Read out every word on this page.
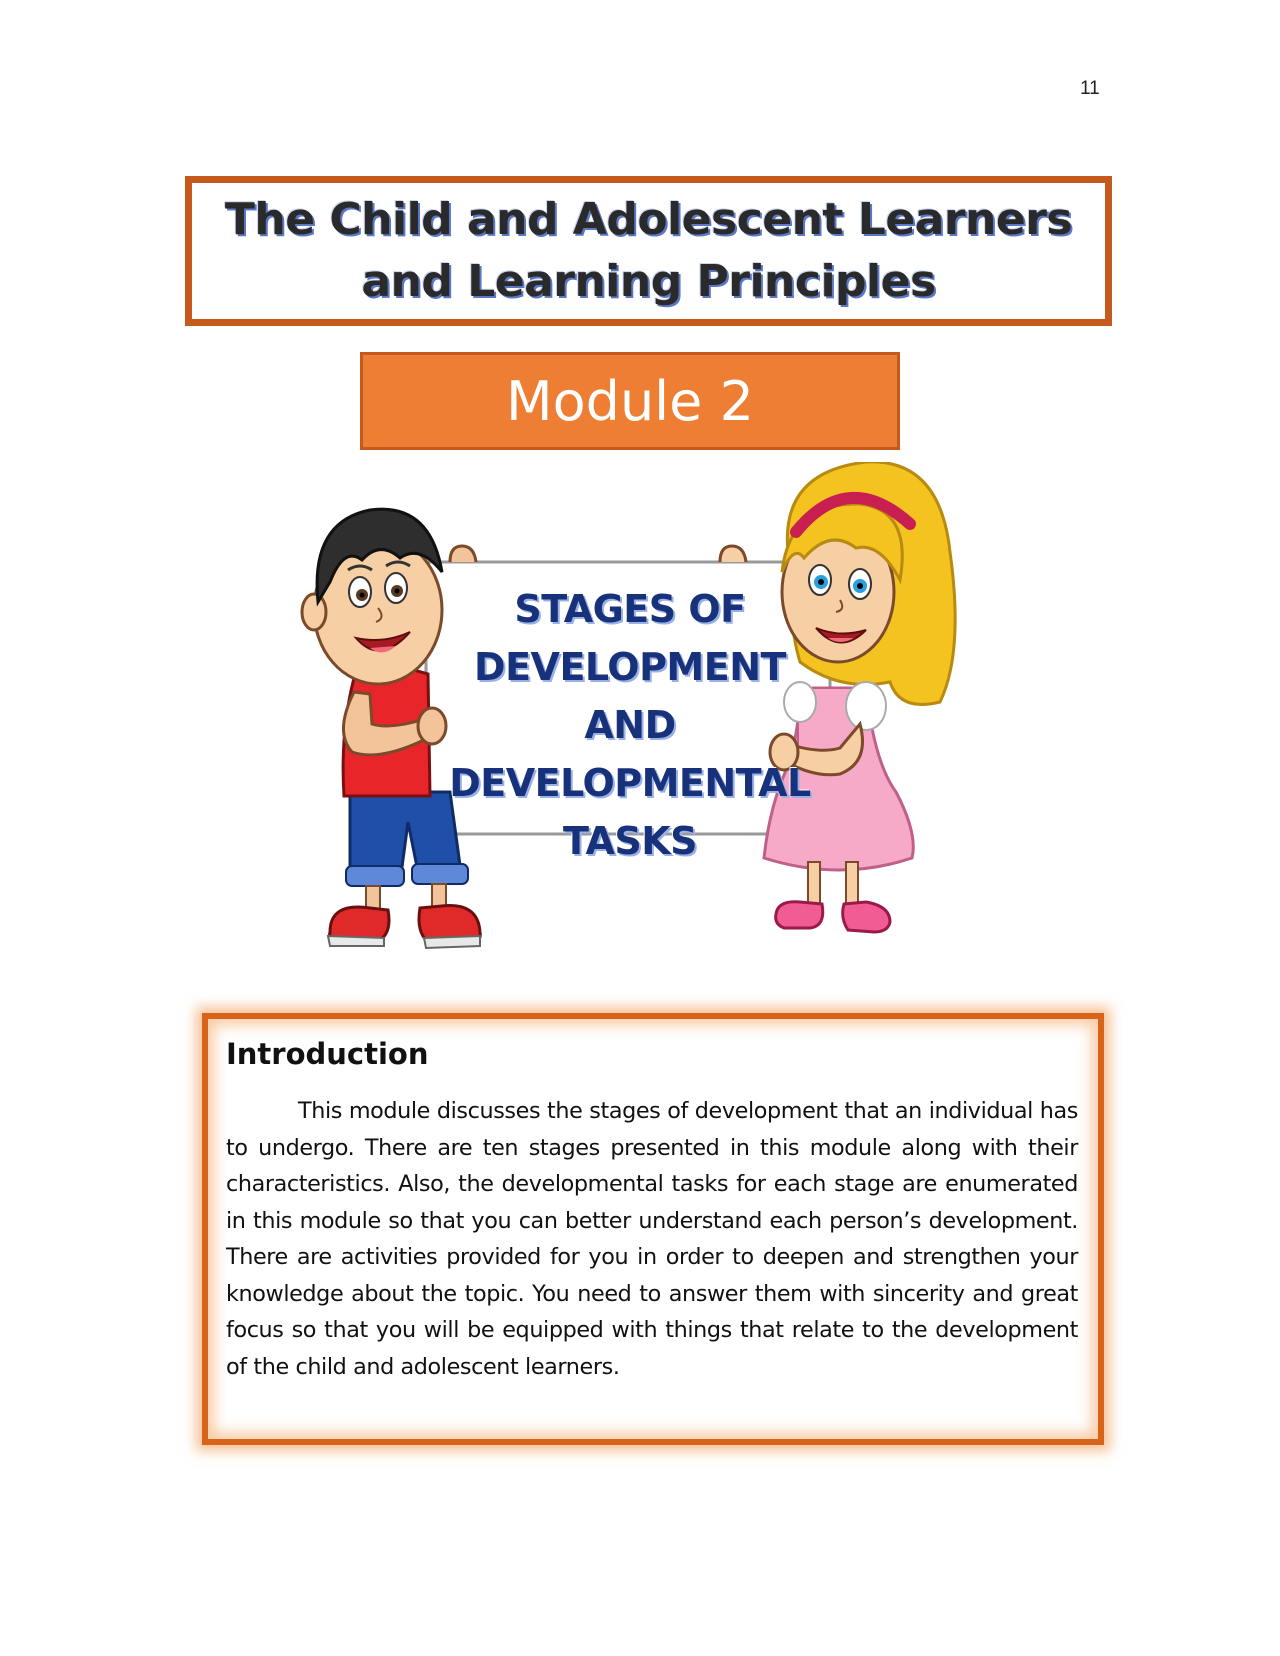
11
The Child and Adolescent Learners
and Learning Principles
Module 2
STAGES OF
DEVELOPMENT
AND
DEVELOPMENTAL
TASKS
Introduction

This module discusses the stages of development that an individual has to undergo. There are ten stages presented in this module along with their characteristics. Also, the developmental tasks for each stage are enumerated in this module so that you can better understand each person’s development. There are activities provided for you in order to deepen and strengthen your knowledge about the topic. You need to answer them with sincerity and great focus so that you will be equipped with things that relate to the development of the child and adolescent learners.
